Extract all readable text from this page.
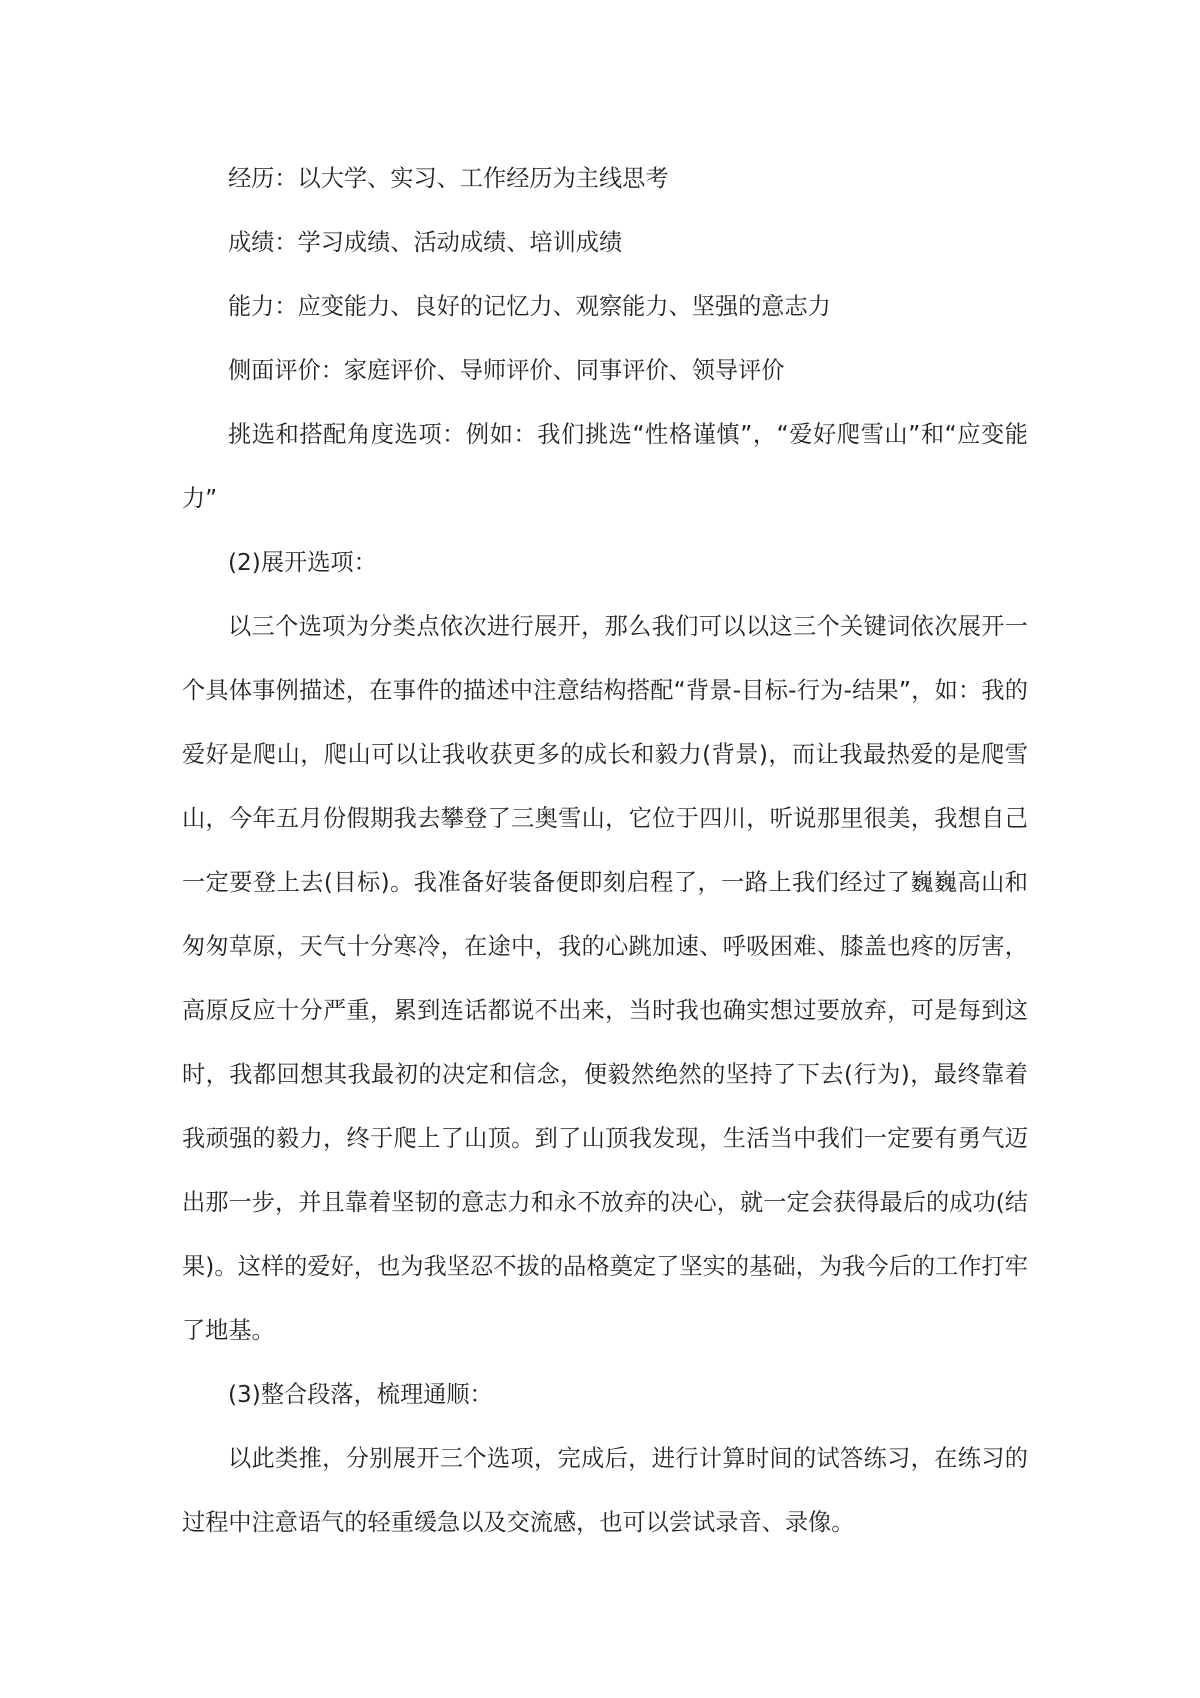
经历：以大学、实习、工作经历为主线思考

成绩：学习成绩、活动成绩、培训成绩

能力：应变能力、良好的记忆力、观察能力、坚强的意志力

侧面评价：家庭评价、导师评价、同事评价、领导评价

挑选和搭配角度选项：例如：我们挑选“性格谨慎”，“爱好爬雪山”和“应变能力”

(2)展开选项：

以三个选项为分类点依次进行展开，那么我们可以以这三个关键词依次展开一个具体事例描述，在事件的描述中注意结构搭配“背景-目标-行为-结果”，如：我的爱好是爬山，爬山可以让我收获更多的成长和毅力(背景)，而让我最热爱的是爬雪山，今年五月份假期我去攀登了三奥雪山，它位于四川，听说那里很美，我想自己一定要登上去(目标)。我准备好装备便即刻启程了，一路上我们经过了巍巍高山和匆匆草原，天气十分寒冷，在途中，我的心跳加速、呼吸困难、膝盖也疼的厉害，高原反应十分严重，累到连话都说不出来，当时我也确实想过要放弃，可是每到这时，我都回想其我最初的决定和信念，便毅然绝然的坚持了下去(行为)，最终靠着我顽强的毅力，终于爬上了山顶。到了山顶我发现，生活当中我们一定要有勇气迈出那一步，并且靠着坚韧的意志力和永不放弃的决心，就一定会获得最后的成功(结果)。这样的爱好，也为我坚忍不拔的品格奠定了坚实的基础，为我今后的工作打牢了地基。

(3)整合段落，梳理通顺：

以此类推，分别展开三个选项，完成后，进行计算时间的试答练习，在练习的过程中注意语气的轻重缓急以及交流感，也可以尝试录音、录像。
